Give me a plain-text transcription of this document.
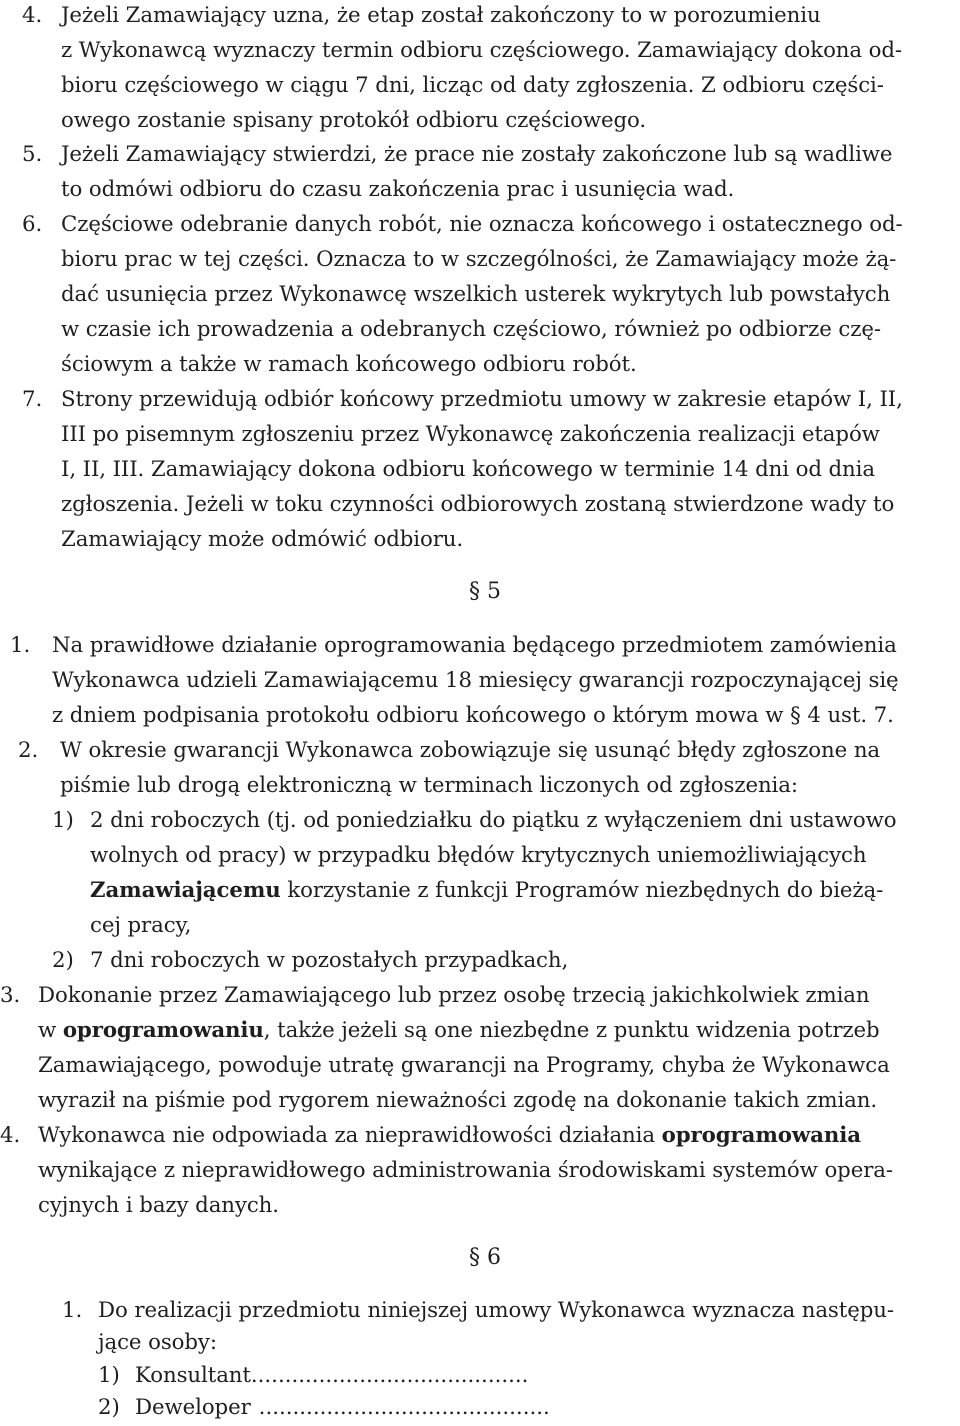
4. Jeżeli Zamawiający uzna, że etap został zakończony to w porozumieniu
z Wykonawcą wyznaczy termin odbioru częściowego. Zamawiający dokona od-
bioru częściowego w ciągu 7 dni, licząc od daty zgłoszenia. Z odbioru części-
owego zostanie spisany protokół odbioru częściowego.
5. Jeżeli Zamawiający stwierdzi, że prace nie zostały zakończone lub są wadliwe
to odmówi odbioru do czasu zakończenia prac i usunięcia wad.
6. Częściowe odebranie danych robót, nie oznacza końcowego i ostatecznego od-
bioru prac w tej części. Oznacza to w szczególności, że Zamawiający może żą-
dać usunięcia przez Wykonawcę wszelkich usterek wykrytych lub powstałych
w czasie ich prowadzenia a odebranych częściowo, również po odbiorze czę-
ściowym a także w ramach końcowego odbioru robót.
7. Strony przewidują odbiór końcowy przedmiotu umowy w zakresie etapów I, II,
III po pisemnym zgłoszeniu przez Wykonawcę zakończenia realizacji etapów
I, II, III. Zamawiający dokona odbioru końcowego w terminie 14 dni od dnia
zgłoszenia. Jeżeli w toku czynności odbiorowych zostaną stwierdzone wady to
Zamawiający może odmówić odbioru.
§ 5
1. Na prawidłowe działanie oprogramowania będącego przedmiotem zamówienia
Wykonawca udzieli Zamawiającemu 18 miesięcy gwarancji rozpoczynającej się
z dniem podpisania protokołu odbioru końcowego o którym mowa w § 4 ust. 7.
2. W okresie gwarancji Wykonawca zobowiązuje się usunąć błędy zgłoszone na
piśmie lub drogą elektroniczną w terminach liczonych od zgłoszenia:
1) 2 dni roboczych (tj. od poniedziałku do piątku z wyłączeniem dni ustawowo
wolnych od pracy) w przypadku błędów krytycznych uniemożliwiających
Zamawiającemu korzystanie z funkcji Programów niezbędnych do bieżą-
cej pracy,
2) 7 dni roboczych w pozostałych przypadkach,
3. Dokonanie przez Zamawiającego lub przez osobę trzecią jakichkolwiek zmian
w oprogramowaniu, także jeżeli są one niezbędne z punktu widzenia potrzeb
Zamawiającego, powoduje utratę gwarancji na Programy, chyba że Wykonawca
wyraził na piśmie pod rygorem nieważności zgodę na dokonanie takich zmian.
4. Wykonawca nie odpowiada za nieprawidłowości działania oprogramowania
wynikające z nieprawidłowego administrowania środowiskami systemów opera-
cyjnych i bazy danych.
§ 6
1. Do realizacji przedmiotu niniejszej umowy Wykonawca wyznacza następu-
jące osoby:
1) Konsultant.........................................
2) Deweloper ...........................................
